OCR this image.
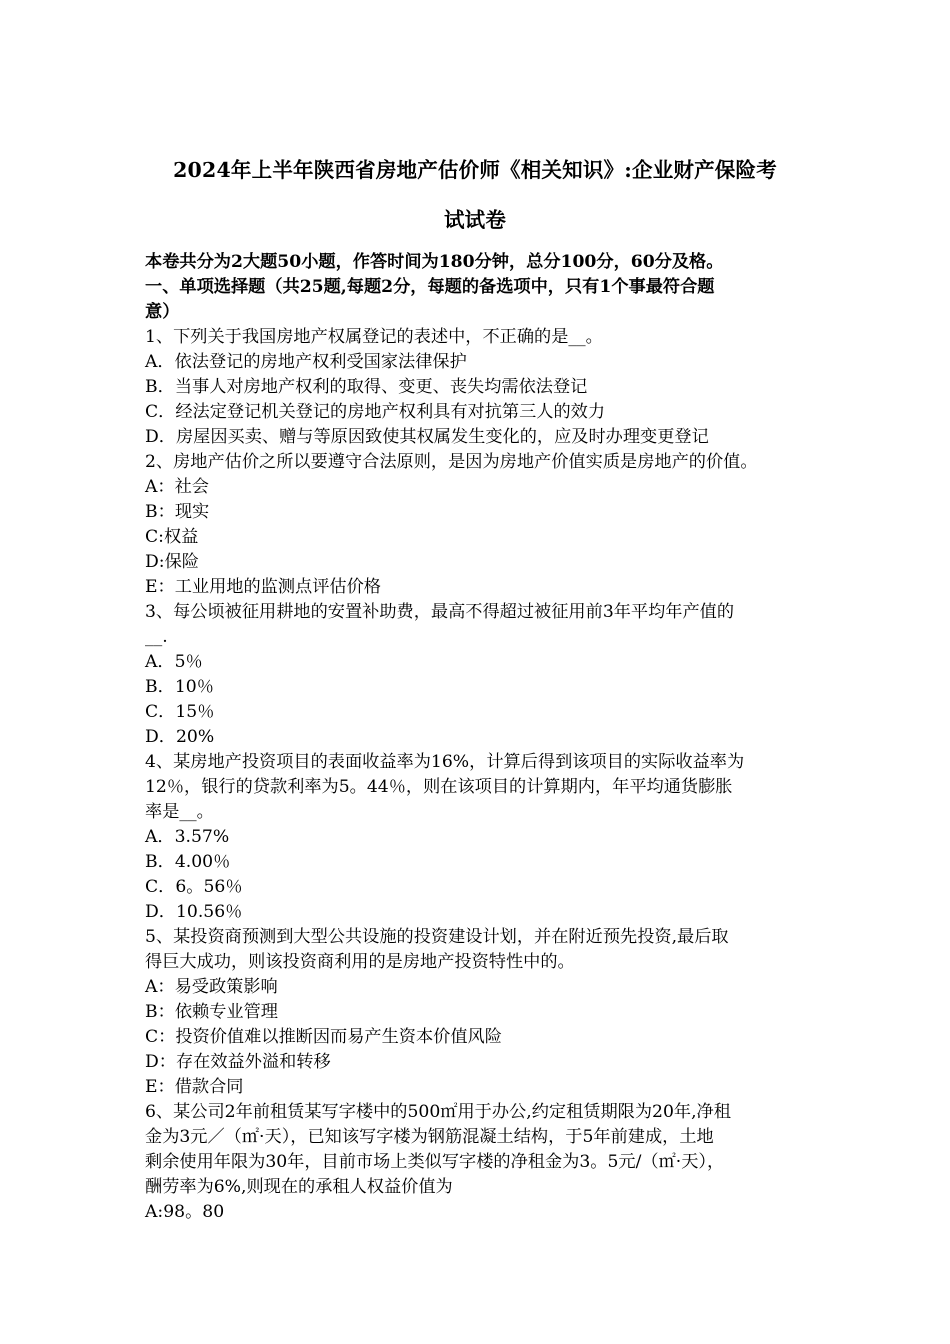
2024年上半年陕西省房地产估价师《相关知识》:企业财产保险考
试试卷

本卷共分为2大题50小题，作答时间为180分钟，总分100分，60分及格。

一、单项选择题（共25题,每题2分，每题的备选项中，只有1个事最符合题

意）

1、下列关于我国房地产权属登记的表述中，不正确的是__。

A．依法登记的房地产权利受国家法律保护

B．当事人对房地产权利的取得、变更、丧失均需依法登记

C．经法定登记机关登记的房地产权利具有对抗第三人的效力

D．房屋因买卖、赠与等原因致使其权属发生变化的，应及时办理变更登记

2、房地产估价之所以要遵守合法原则，是因为房地产价值实质是房地产的价值。

A：社会

B：现实

C:权益

D:保险

E：工业用地的监测点评估价格

3、每公顷被征用耕地的安置补助费，最高不得超过被征用前3年平均年产值的

__.

A．5％

B．10％

C．15％

D．20%

4、某房地产投资项目的表面收益率为16%，计算后得到该项目的实际收益率为

12％，银行的贷款利率为5。44％，则在该项目的计算期内，年平均通货膨胀

率是__。

A．3.57%

B．4.00％

C．6。56％

D．10.56％

5、某投资商预测到大型公共设施的投资建设计划，并在附近预先投资,最后取

得巨大成功，则该投资商利用的是房地产投资特性中的。

A：易受政策影响

B：依赖专业管理

C：投资价值难以推断因而易产生资本价值风险

D：存在效益外溢和转移

E：借款合同

6、某公司2年前租赁某写字楼中的500㎡用于办公,约定租赁期限为20年,净租

金为3元／（㎡·天），已知该写字楼为钢筋混凝土结构，于5年前建成，土地

剩余使用年限为30年，目前市场上类似写字楼的净租金为3。5元/（㎡·天），

酬劳率为6%,则现在的承租人权益价值为

A:98。80
